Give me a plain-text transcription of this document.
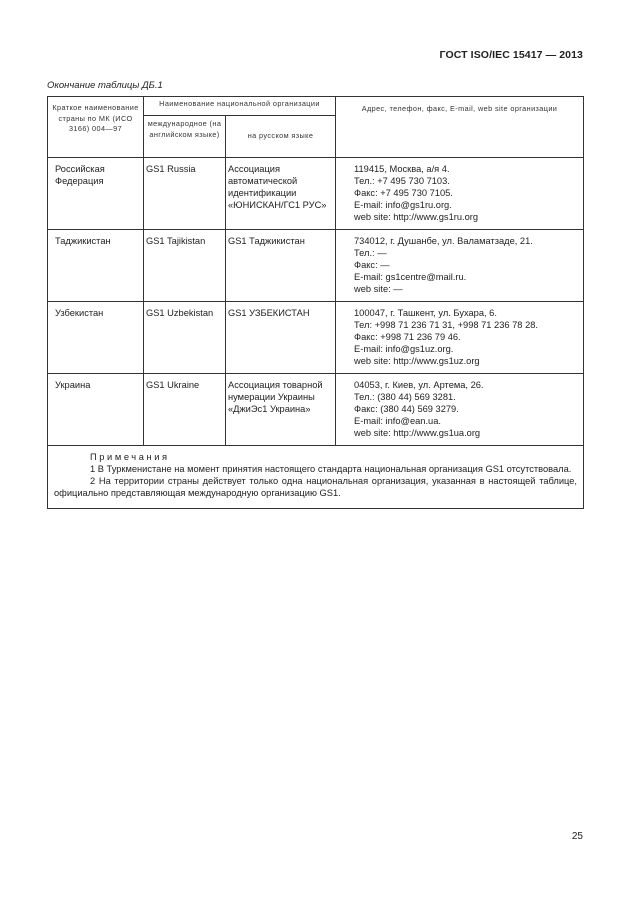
ГОСТ ISO/IEC 15417 — 2013
Окончание таблицы ДБ.1
Краткое наименование страны по МК (ИСО 3166) 004—97	Наименование национальной организации		Адрес, телефон, факс, E-mail, web site организации
	международное (на английском языке)	на русском языке	
Российская Федерация	GS1 Russia	Ассоциация автоматической идентификации «ЮНИСКАН/ГС1 РУС»	119415, Москва, а/я 4.
Тел.: +7 495 730 7103.
Факс: +7 495 730 7105.
E-mail: info@gs1ru.org.
web site: http://www.gs1ru.org

Таджикистан	GS1 Tajikistan	GS1 Таджикистан	734012, г. Душанбе, ул. Валаматзаде, 21.
Тел.: —
Факс: —
E-mail: gs1centre@mail.ru.
web site: —

Узбекистан	GS1 Uzbekistan	GS1 УЗБЕКИСТАН	100047, г. Ташкент, ул. Бухара, 6.
Тел: +998 71 236 71 31, +998 71 236 78 28.
Факс: +998 71 236 79 46.
E-mail: info@gs1uz.org.
web site: http://www.gs1uz.org

Украина	GS1 Ukraine	Ассоциация товарной нумерации Украины «ДжиЭс1 Украина»	04053, г. Киев, ул. Артема, 26.
Тел.: (380 44) 569 3281.
Факс: (380 44) 569 3279.
E-mail: info@ean.ua.
web site: http://www.gs1ua.org

Примечания

1 В Туркменистане на момент принятия настоящего стандарта национальная организация GS1 отсутствовала.

2 На территории страны действует только одна национальная организация, указанная в настоящей таблице, официально представляющая международную организацию GS1.			

25
